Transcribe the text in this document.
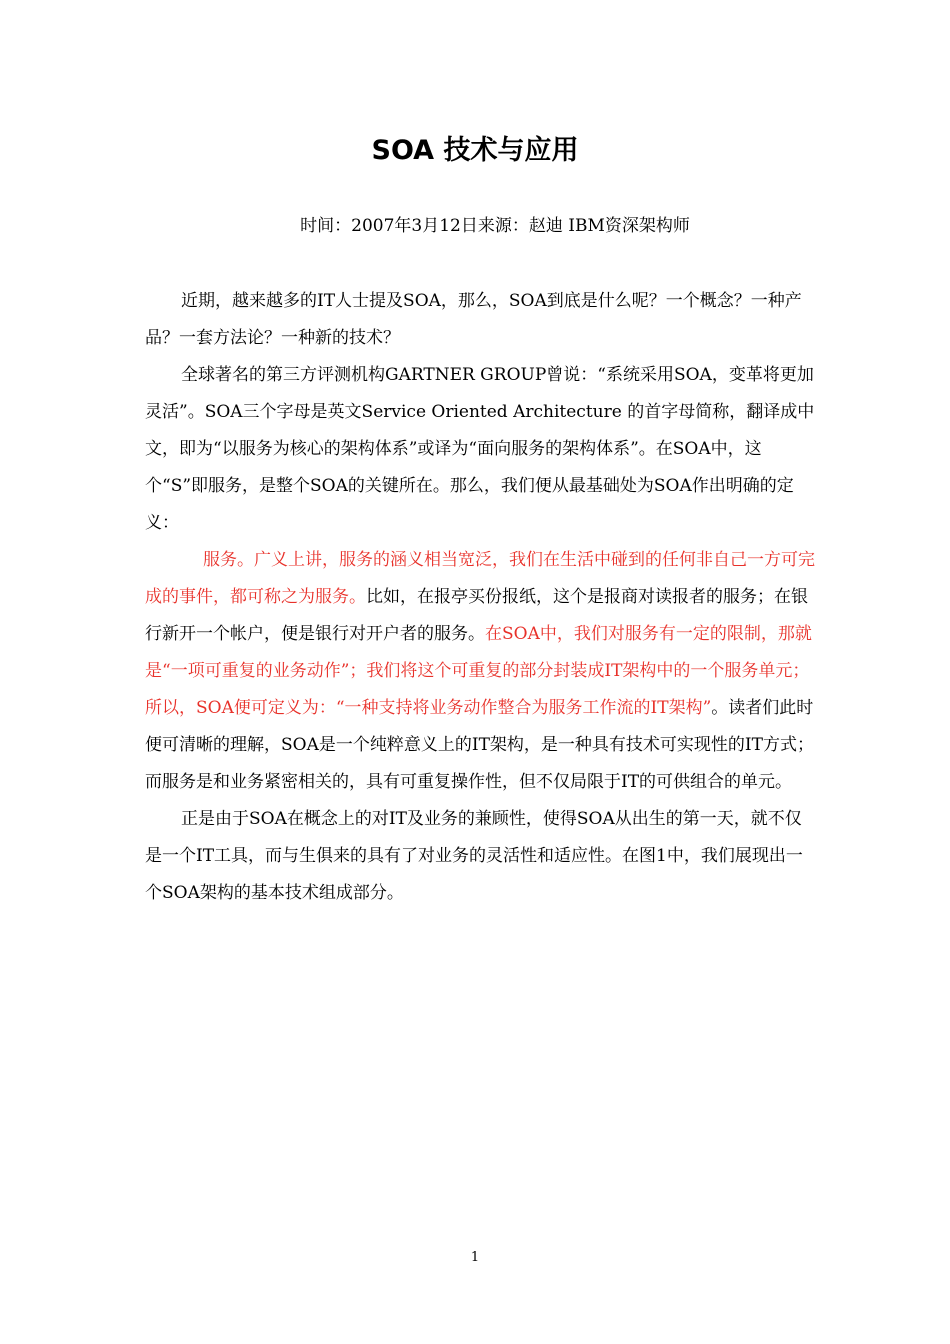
SOA 技术与应用
时间：2007年3月12日来源：赵迪 IBM资深架构师

近期，越来越多的IT人士提及SOA，那么，SOA到底是什么呢？一个概念？一种产品？一套方法论？一种新的技术？

全球著名的第三方评测机构GARTNER GROUP曾说：“系统采用SOA，变革将更加灵活”。SOA三个字母是英文Service Oriented Architecture 的首字母简称，翻译成中文，即为“以服务为核心的架构体系”或译为“面向服务的架构体系”。在SOA中，这个“S”即服务，是整个SOA的关键所在。那么，我们便从最基础处为SOA作出明确的定义：

服务。广义上讲，服务的涵义相当宽泛，我们在生活中碰到的任何非自己一方可完成的事件，都可称之为服务。比如，在报亭买份报纸，这个是报商对读报者的服务；在银行新开一个帐户，便是银行对开户者的服务。在SOA中，我们对服务有一定的限制，那就是“一项可重复的业务动作”；我们将这个可重复的部分封装成IT架构中的一个服务单元；所以，SOA便可定义为：“一种支持将业务动作整合为服务工作流的IT架构”。读者们此时便可清晰的理解，SOA是一个纯粹意义上的IT架构，是一种具有技术可实现性的IT方式；而服务是和业务紧密相关的，具有可重复操作性，但不仅局限于IT的可供组合的单元。

正是由于SOA在概念上的对IT及业务的兼顾性，使得SOA从出生的第一天，就不仅是一个IT工具，而与生俱来的具有了对业务的灵活性和适应性。在图1中，我们展现出一个SOA架构的基本技术组成部分。

1
